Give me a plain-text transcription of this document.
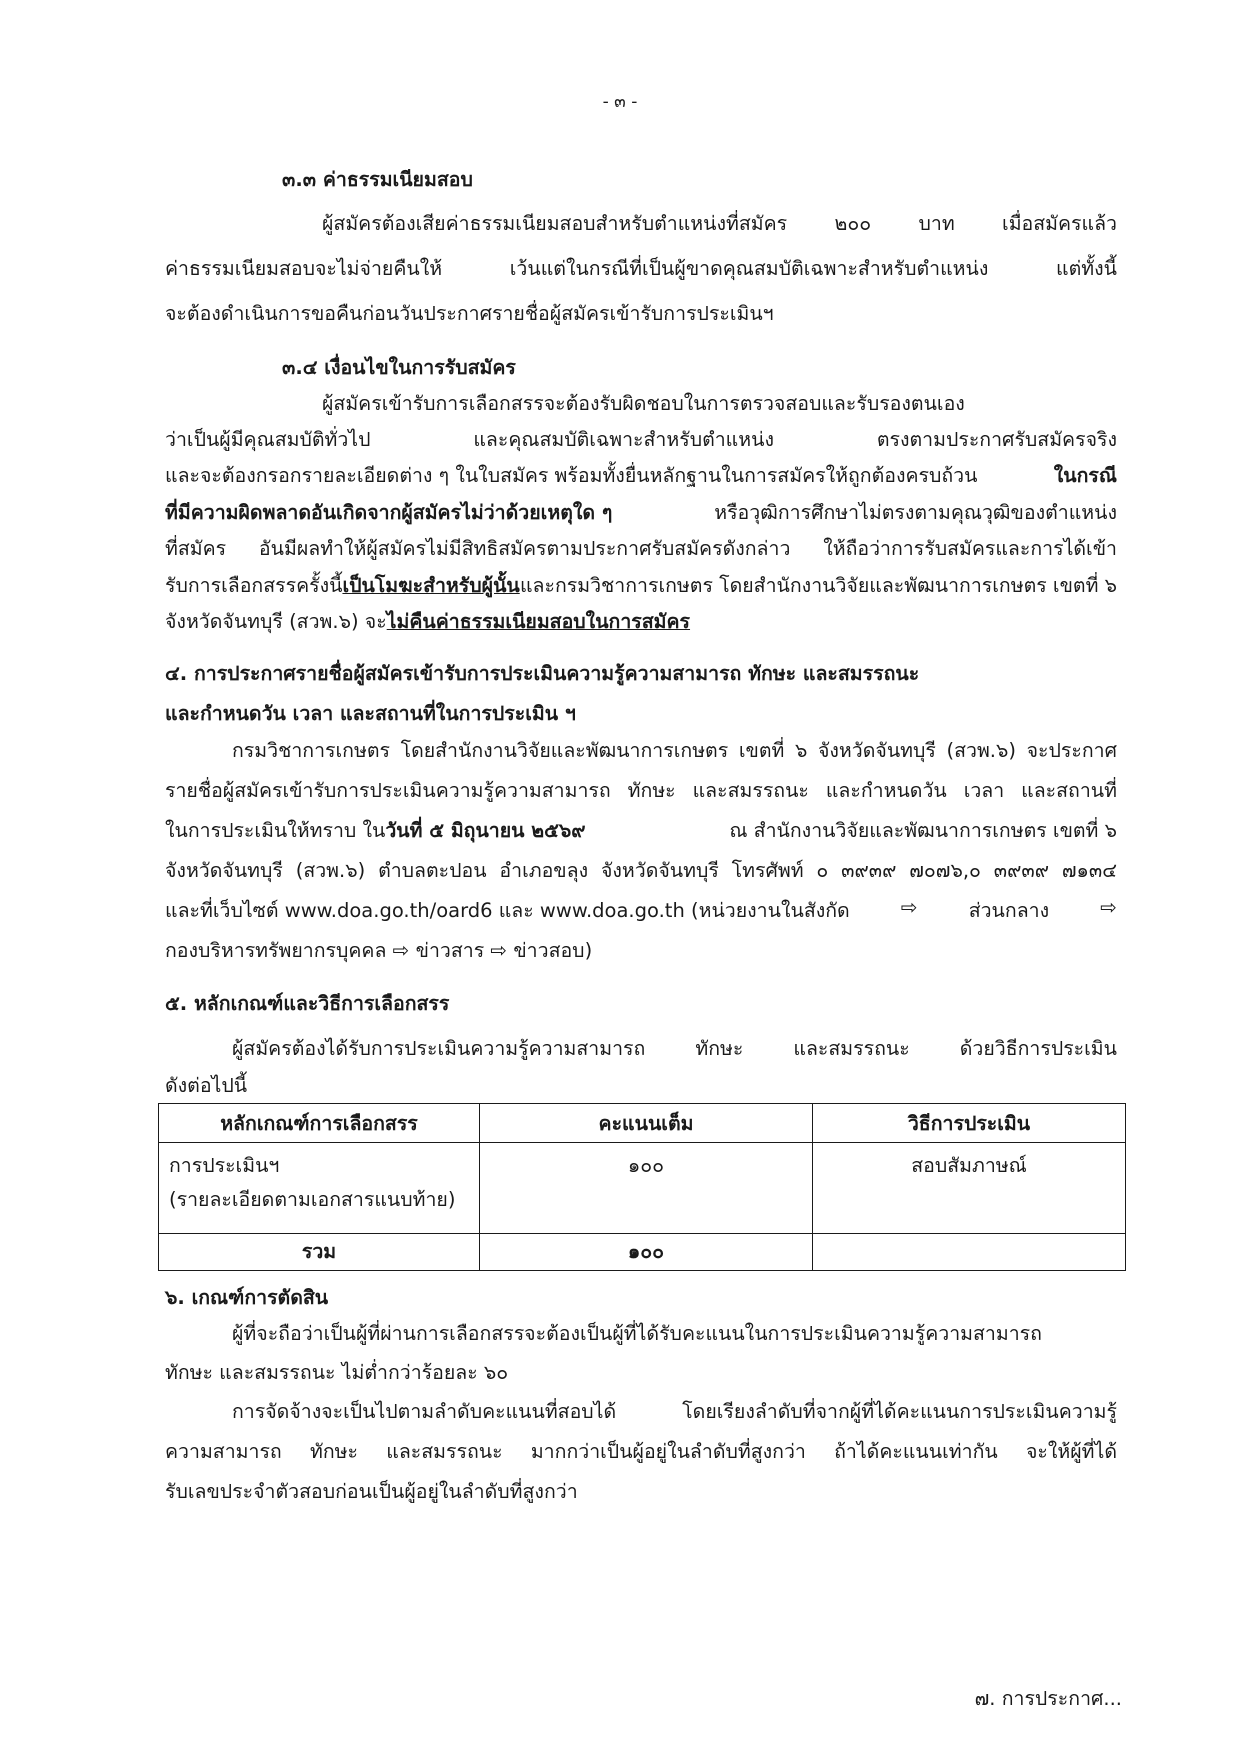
- ๓ -
๓.๓ ค่าธรรมเนียมสอบ
ผู้สมัครต้องเสียค่าธรรมเนียมสอบสำหรับตำแหน่งที่สมัคร ๒๐๐ บาท เมื่อสมัครแล้ว
ค่าธรรมเนียมสอบจะไม่จ่ายคืนให้ เว้นแต่ในกรณีที่เป็นผู้ขาดคุณสมบัติเฉพาะสำหรับตำแหน่ง แต่ทั้งนี้
จะต้องดำเนินการขอคืนก่อนวันประกาศรายชื่อผู้สมัครเข้ารับการประเมินฯ
๓.๔ เงื่อนไขในการรับสมัคร
ผู้สมัครเข้ารับการเลือกสรรจะต้องรับผิดชอบในการตรวจสอบและรับรองตนเอง
ว่าเป็นผู้มีคุณสมบัติทั่วไป และคุณสมบัติเฉพาะสำหรับตำแหน่ง ตรงตามประกาศรับสมัครจริง
และจะต้องกรอกรายละเอียดต่าง ๆ ในใบสมัคร พร้อมทั้งยื่นหลักฐานในการสมัครให้ถูกต้องครบถ้วน	ในกรณี
ที่มีความผิดพลาดอันเกิดจากผู้สมัครไม่ว่าด้วยเหตุใด ๆ	หรือวุฒิการศึกษาไม่ตรงตามคุณวุฒิของตำแหน่ง
ที่สมัคร อันมีผลทำให้ผู้สมัครไม่มีสิทธิสมัครตามประกาศรับสมัครดังกล่าว ให้ถือว่าการรับสมัครและการได้เข้า
รับการเลือกสรรครั้งนี้เป็นโมฆะสำหรับผู้นั้น และกรมวิชาการเกษตร โดยสำนักงานวิจัยและพัฒนาการเกษตร เขตที่ ๖
จังหวัดจันทบุรี (สวพ.๖) จะไม่คืนค่าธรรมเนียมสอบในการสมัคร
๔. การประกาศรายชื่อผู้สมัครเข้ารับการประเมินความรู้ความสามารถ ทักษะ และสมรรถนะ
และกำหนดวัน เวลา และสถานที่ในการประเมิน ฯ
กรมวิชาการเกษตร โดยสำนักงานวิจัยและพัฒนาการเกษตร เขตที่ ๖ จังหวัดจันทบุรี (สวพ.๖) จะประกาศ
รายชื่อผู้สมัครเข้ารับการประเมินความรู้ความสามารถ ทักษะ และสมรรถนะ และกำหนดวัน เวลา และสถานที่
ในการประเมินให้ทราบ ในวันที่ ๕ มิถุนายน ๒๕๖๙	ณ สำนักงานวิจัยและพัฒนาการเกษตร เขตที่ ๖
จังหวัดจันทบุรี (สวพ.๖) ตำบลตะปอน อำเภอขลุง จังหวัดจันทบุรี โทรศัพท์ ๐ ๓๙๓๙ ๗๐๗๖,๐ ๓๙๓๙ ๗๑๓๔
และที่เว็บไซต์ www.doa.go.th/oard6 และ www.doa.go.th (หน่วยงานในสังกัด	⇨	ส่วนกลาง	⇨
กองบริหารทรัพยากรบุคคล ⇨ ข่าวสาร ⇨ ข่าวสอบ)
๕. หลักเกณฑ์และวิธีการเลือกสรร
ผู้สมัครต้องได้รับการประเมินความรู้ความสามารถ ทักษะ และสมรรถนะ ด้วยวิธีการประเมิน
ดังต่อไปนี้
หลักเกณฑ์การเลือกสรร	คะแนนเต็ม	วิธีการประเมิน

การประเมินฯ
(รายละเอียดตามเอกสารแนบท้าย)	๑๐๐	สอบสัมภาษณ์
รวม	๑๐๐	
๖. เกณฑ์การตัดสิน
ผู้ที่จะถือว่าเป็นผู้ที่ผ่านการเลือกสรรจะต้องเป็นผู้ที่ได้รับคะแนนในการประเมินความรู้ความสามารถ
ทักษะ และสมรรถนะ ไม่ต่ำกว่าร้อยละ ๖๐
การจัดจ้างจะเป็นไปตามลำดับคะแนนที่สอบได้ โดยเรียงลำดับที่จากผู้ที่ได้คะแนนการประเมินความรู้
ความสามารถ ทักษะ และสมรรถนะ มากกว่าเป็นผู้อยู่ในลำดับที่สูงกว่า ถ้าได้คะแนนเท่ากัน จะให้ผู้ที่ได้
รับเลขประจำตัวสอบก่อนเป็นผู้อยู่ในลำดับที่สูงกว่า
๗. การประกาศ...
